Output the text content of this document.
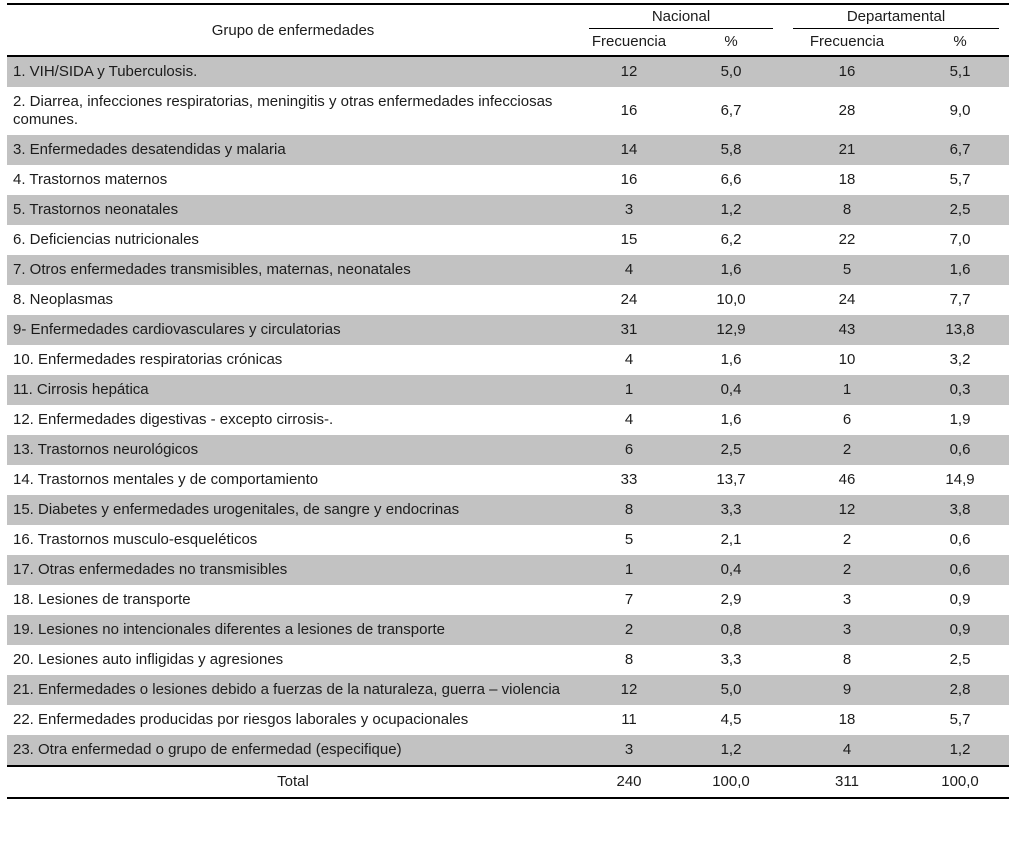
Grupo de enfermedades	Nacional		Departamental	

	Frecuencia	%	Frecuencia	%
1. VIH/SIDA y Tuberculosis.	12	5,0	16	5,1
2. Diarrea, infecciones respiratorias, meningitis y otras enfermedades infecciosas comunes.	16	6,7	28	9,0
3. Enfermedades desatendidas y malaria	14	5,8	21	6,7
4. Trastornos maternos	16	6,6	18	5,7
5. Trastornos neonatales	3	1,2	8	2,5
6. Deficiencias nutricionales	15	6,2	22	7,0
7. Otros enfermedades transmisibles, maternas, neonatales	4	1,6	5	1,6
8. Neoplasmas	24	10,0	24	7,7
9- Enfermedades cardiovasculares y circulatorias	31	12,9	43	13,8
10. Enfermedades respiratorias crónicas	4	1,6	10	3,2
11. Cirrosis hepática	1	0,4	1	0,3
12. Enfermedades digestivas - excepto cirrosis-.	4	1,6	6	1,9
13. Trastornos neurológicos	6	2,5	2	0,6
14. Trastornos mentales y de comportamiento	33	13,7	46	14,9
15. Diabetes y enfermedades urogenitales, de sangre y endocrinas	8	3,3	12	3,8
16. Trastornos musculo-esqueléticos	5	2,1	2	0,6
17. Otras enfermedades no transmisibles	1	0,4	2	0,6
18. Lesiones de transporte	7	2,9	3	0,9
19. Lesiones no intencionales diferentes a lesiones de transporte	2	0,8	3	0,9
20. Lesiones auto infligidas y agresiones	8	3,3	8	2,5
21. Enfermedades o lesiones debido a fuerzas de la naturaleza, guerra – violencia	12	5,0	9	2,8
22. Enfermedades producidas por riesgos laborales y ocupacionales	11	4,5	18	5,7
23. Otra enfermedad o grupo de enfermedad (especifique)	3	1,2	4	1,2
Total	240	100,0	311	100,0
